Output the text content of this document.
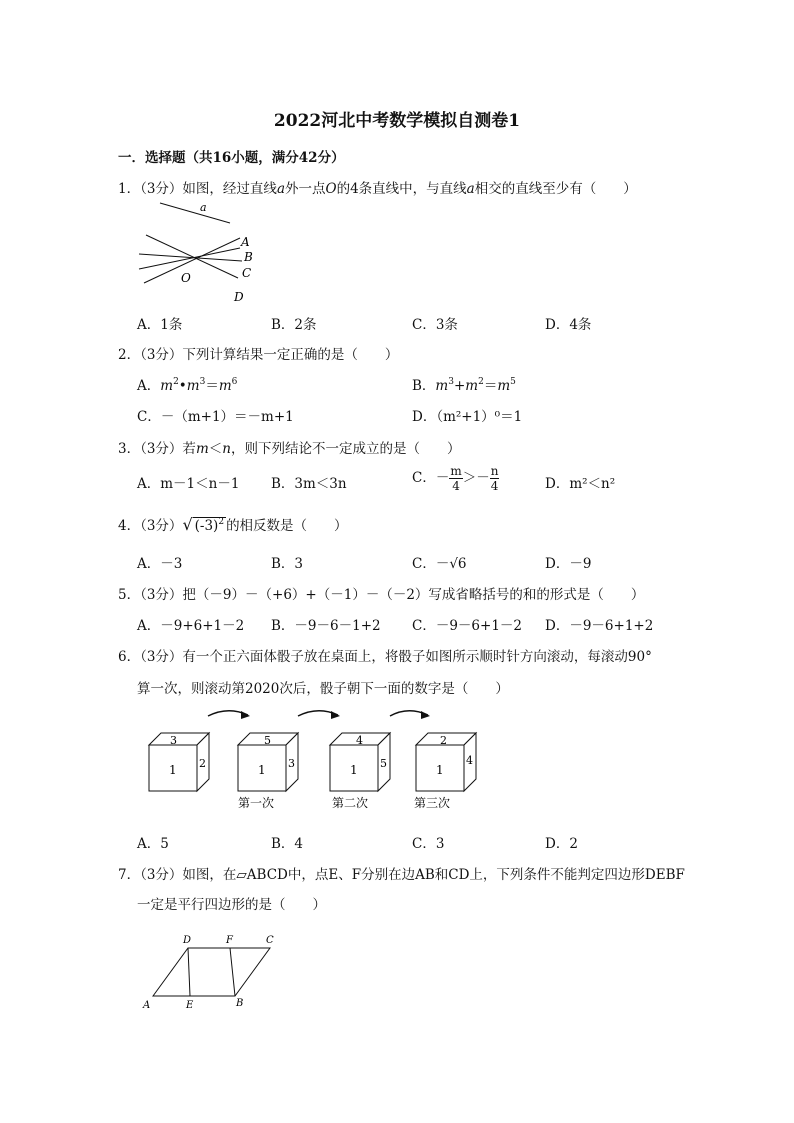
2022河北中考数学模拟自测卷1
一．选择题（共16小题，满分42分）
1．（3分）如图，经过直线a外一点O的4条直线中，与直线a相交的直线至少有（　　）
a
A
B
C
D
O
A．1条	B．2条	C．3条	D．4条
2．（3分）下列计算结果一定正确的是（　　）
A．$m^2•m^3=m^6$	B．$m^3+m^2=m^5$
C．－（m+1）＝－m+1	D．（m²+1）⁰＝1
3．（3分）若m＜n，则下列结论不一定成立的是（　　）
A．m－1＜n－1 B．3m＜3n	C．－ $\frac{m}{4} >- \frac{n}{4}$	D．m²＜n²
4．（3分）√ $(-3)^2$ 的相反数是（　　）
A．－3	B．3	C．－√6	D．－9
5．（3分）把（－9）－（+6）+（－1）－（－2）写成省略括号的和的形式是（　　）
A．－9+6+1－2 B．－9－6－1+2 C．－9－6+1－2 D．－9－6+1+2
6．（3分）有一个正六面体骰子放在桌面上，将骰子如图所示顺时针方向滚动，每滚动90°
算一次，则滚动第2020次后，骰子朝下一面的数字是（　　）
3
1 2
5
1 3
第一次
4
1 5
第二次
2
1
4
第三次
A．5	B．4	C．3	D．2
7．（3分）如图，在▱ABCD中，点E、F分别在边AB和CD上，下列条件不能判定四边形DEBF
一定是平行四边形的是（　　）
D	F	C
A	E	B
